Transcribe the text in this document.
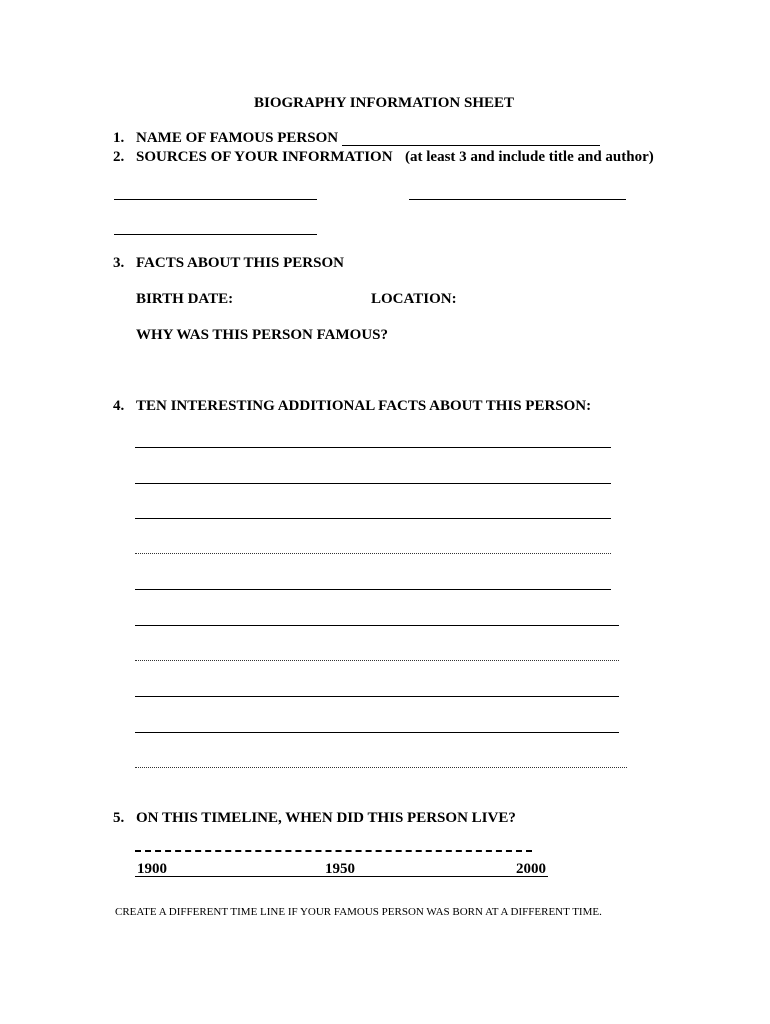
BIOGRAPHY INFORMATION SHEET
1. NAME OF FAMOUS PERSON
2. SOURCES OF YOUR INFORMATION (at least 3 and include title and author)
3. FACTS ABOUT THIS PERSON
BIRTH DATE:	LOCATION:
WHY WAS THIS PERSON FAMOUS?
4. TEN INTERESTING ADDITIONAL FACTS ABOUT THIS PERSON:
5. ON THIS TIMELINE, WHEN DID THIS PERSON LIVE?
1900	1950	2000
CREATE A DIFFERENT TIME LINE IF YOUR FAMOUS PERSON WAS BORN AT A DIFFERENT TIME.
